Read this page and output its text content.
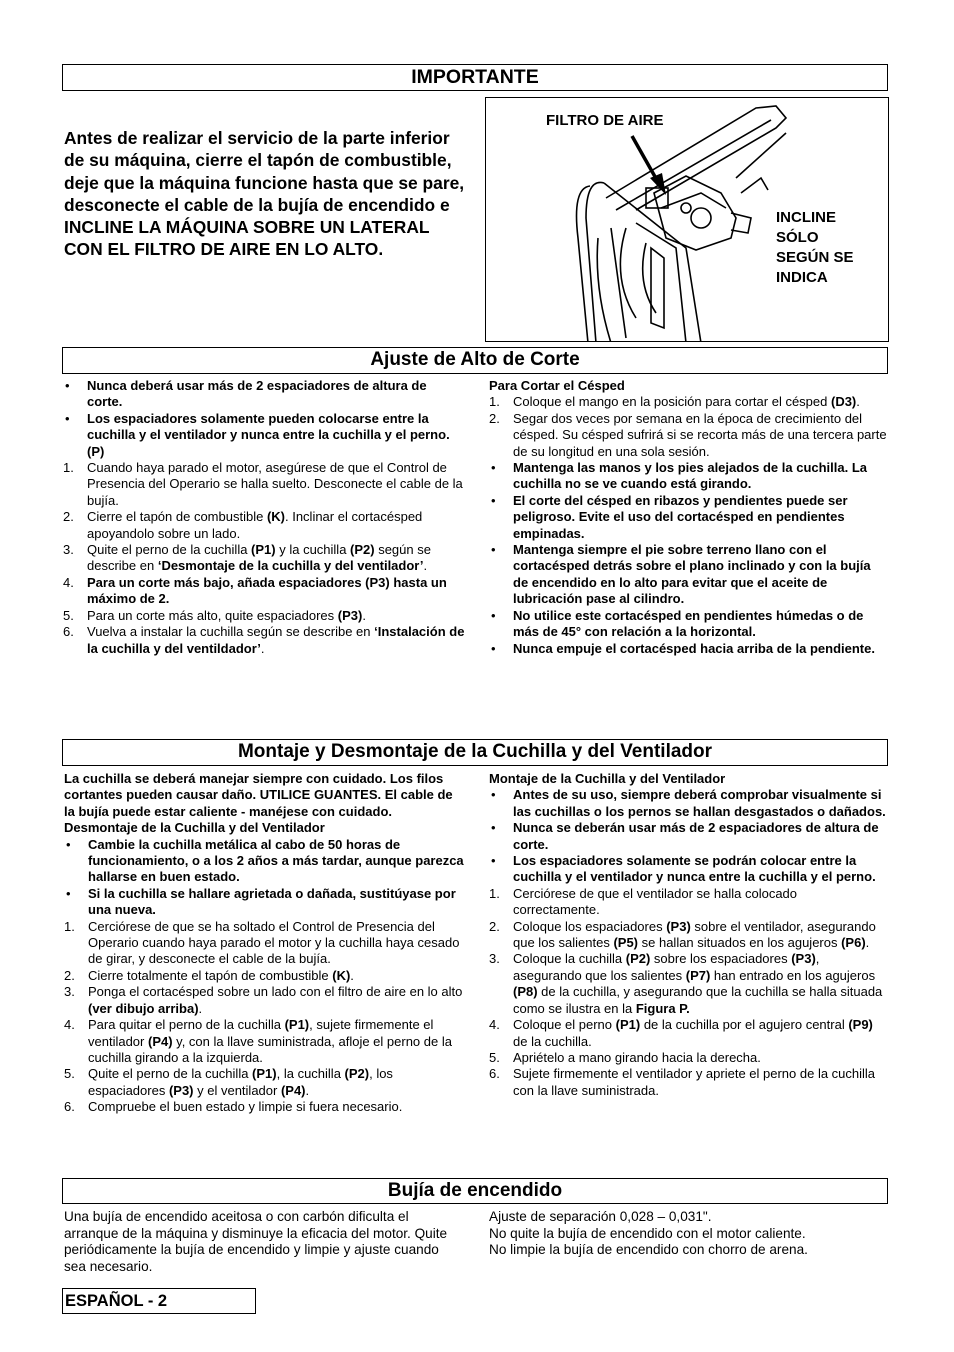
IMPORTANTE
Antes de realizar el servicio de la parte inferior de su máquina, cierre el tapón de combustible, deje que la máquina funcione hasta que se pare, desconecte el cable de la bujía de encendido e INCLINE LA MÁQUINA SOBRE UN LATERAL CON EL FILTRO DE AIRE EN LO ALTO.
FILTRO DE AIRE
INCLINE SÓLO SEGÚN SE INDICA
Ajuste de Alto de Corte
•	Nunca deberá usar más de 2 espaciadores de altura de corte.
•	Los espaciadores solamente pueden colocarse entre la cuchilla y el ventilador y nunca entre la cuchilla y el perno. (P)
1.	Cuando haya parado el motor, asegúrese de que el Control de Presencia del Operario se halla suelto. Desconecte el cable de la bujía.
2.	Cierre el tapón de combustible (K). Inclinar el cortacésped apoyandolo sobre un lado.
3.	Quite el perno de la cuchilla (P1) y la cuchilla (P2) según se describe en ‘Desmontaje de la cuchilla y del ventilador’.
4.	Para un corte más bajo, añada espaciadores (P3) hasta un máximo de 2.
5.	Para un corte más alto, quite espaciadores (P3).
6.	Vuelva a instalar la cuchilla según se describe en ‘Instalación de la cuchilla y del ventildador’.

Para Cortar el Césped

1.	Coloque el mango en la posición para cortar el césped (D3).
2.	Segar dos veces por semana en la época de crecimiento del césped. Su césped sufrirá si se recorta más de una tercera parte de su longitud en una sola sesión.
•	Mantenga las manos y los pies alejados de la cuchilla. La cuchilla no se ve cuando está girando.
•	El corte del césped en ribazos y pendientes puede ser peligroso. Evite el uso del cortacésped en pendientes empinadas.
•	Mantenga siempre el pie sobre terreno llano con el cortacésped detrás sobre el plano inclinado y con la bujía de encendido en lo alto para evitar que el aceite de lubricación pase al cilindro.
•	No utilice este cortacésped en pendientes húmedas o de más de 45° con relación a la horizontal.
•	Nunca empuje el cortacésped hacia arriba de la pendiente.
Montaje y Desmontaje de la Cuchilla y del Ventilador

La cuchilla se deberá manejar siempre con cuidado. Los filos cortantes pueden causar daño. UTILICE GUANTES. El cable de la bujía puede estar caliente - manéjese con cuidado.

Desmontaje de la Cuchilla y del Ventilador

•	Cambie la cuchilla metálica al cabo de 50 horas de funcionamiento, o a los 2 años a más tardar, aunque parezca hallarse en buen estado.
•	Si la cuchilla se hallare agrietada o dañada, sustitúyase por una nueva.
1.	Cerciórese de que se ha soltado el Control de Presencia del Operario cuando haya parado el motor y la cuchilla haya cesado de girar, y desconecte el cable de la bujía.
2.	Cierre totalmente el tapón de combustible (K).
3.	Ponga el cortacésped sobre un lado con el filtro de aire en lo alto (ver dibujo arriba).
4.	Para quitar el perno de la cuchilla (P1), sujete firmemente el ventilador (P4) y, con la llave suministrada, afloje el perno de la cuchilla girando a la izquierda.
5.	Quite el perno de la cuchilla (P1), la cuchilla (P2), los espaciadores (P3) y el ventilador (P4).
6.	Compruebe el buen estado y limpie si fuera necesario.

Montaje de la Cuchilla y del Ventilador

•	Antes de su uso, siempre deberá comprobar visualmente si las cuchillas o los pernos se hallan desgastados o dañados.
•	Nunca se deberán usar más de 2 espaciadores de altura de corte.
•	Los espaciadores solamente se podrán colocar entre la cuchilla y el ventilador y nunca entre la cuchilla y el perno.
1.	Cerciórese de que el ventilador se halla colocado correctamente.
2.	Coloque los espaciadores (P3) sobre el ventilador, asegurando que los salientes (P5) se hallan situados en los agujeros (P6).
3.	Coloque la cuchilla (P2) sobre los espaciadores (P3), asegurando que los salientes (P7) han entrado en los agujeros (P8) de la cuchilla, y asegurando que la cuchilla se halla situada como se ilustra en la Figura P.
4.	Coloque el perno (P1) de la cuchilla por el agujero central (P9) de la cuchilla.
5.	Apriételo a mano girando hacia la derecha.
6.	Sujete firmemente el ventilador y apriete el perno de la cuchilla con la llave suministrada.
Bujía de encendido
Una bujía de encendido aceitosa o con carbón dificulta el arranque de la máquina y disminuye la eficacia del motor. Quite periódicamente la bujía de encendido y limpie y ajuste cuando sea necesario.
Ajuste de separación 0,028 – 0,031".
No quite la bujía de encendido con el motor caliente.
No limpie la bujía de encendido con chorro de arena.
ESPAÑOL - 2
